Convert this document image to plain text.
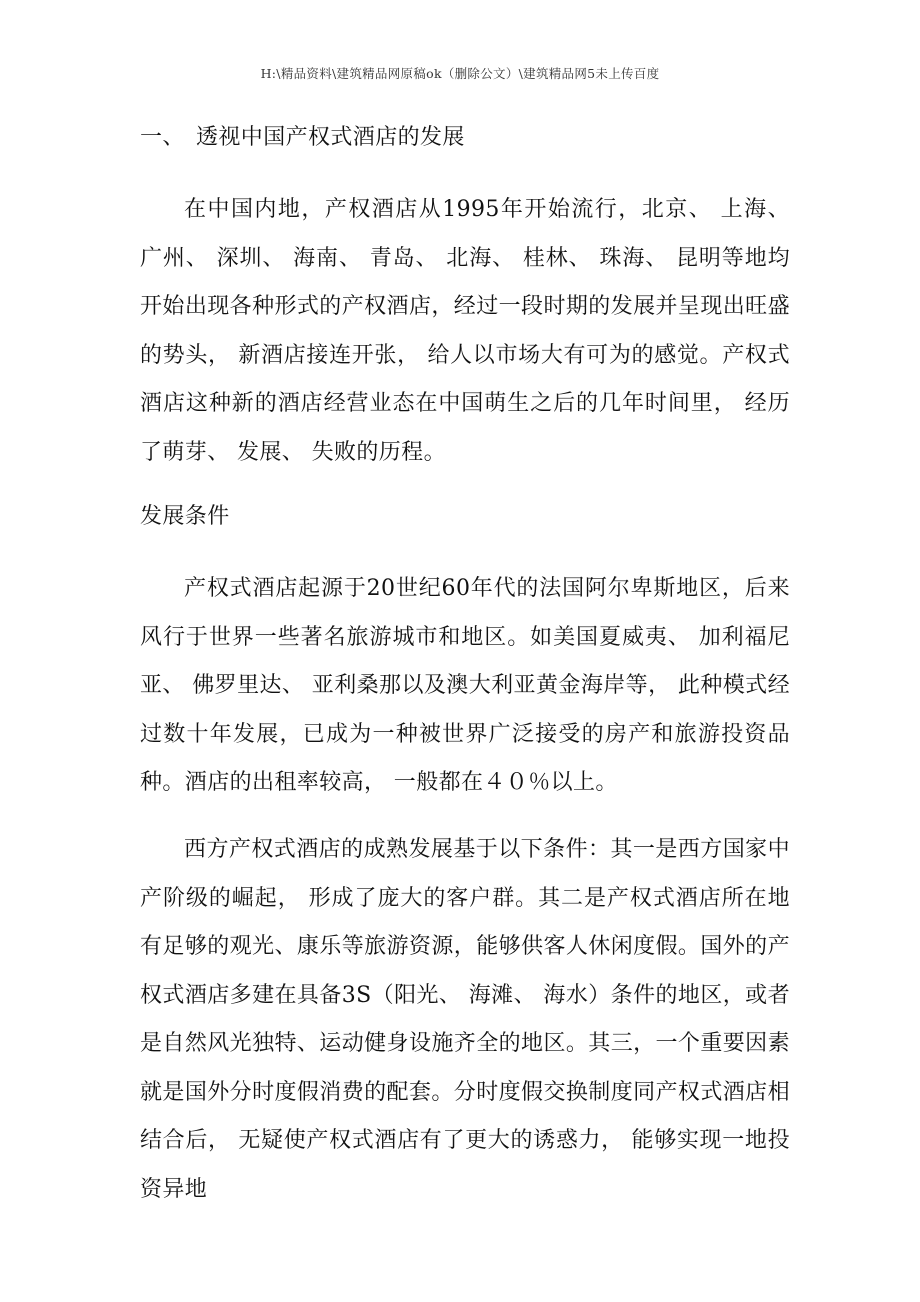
H:\精品资料\建筑精品网原稿ok（删除公文）\建筑精品网5未上传百度
一、 透视中国产权式酒店的发展
在中国内地，产权酒店从1995年开始流行，北京、 上海、 广州、 深圳、 海南、 青岛、 北海、 桂林、 珠海、 昆明等地均开始出现各种形式的产权酒店，经过一段时期的发展并呈现出旺盛的势头， 新酒店接连开张， 给人以市场大有可为的感觉。产权式酒店这种新的酒店经营业态在中国萌生之后的几年时间里， 经历了萌芽、 发展、 失败的历程。
发展条件
产权式酒店起源于20世纪60年代的法国阿尔卑斯地区，后来风行于世界一些著名旅游城市和地区。如美国夏威夷、 加利福尼亚、 佛罗里达、 亚利桑那以及澳大利亚黄金海岸等， 此种模式经过数十年发展，已成为一种被世界广泛接受的房产和旅游投资品种。酒店的出租率较高， 一般都在４０％以上。
西方产权式酒店的成熟发展基于以下条件：其一是西方国家中产阶级的崛起， 形成了庞大的客户群。其二是产权式酒店所在地有足够的观光、康乐等旅游资源，能够供客人休闲度假。国外的产权式酒店多建在具备3S（阳光、 海滩、 海水）条件的地区，或者是自然风光独特、运动健身设施齐全的地区。其三，一个重要因素就是国外分时度假消费的配套。分时度假交换制度同产权式酒店相结合后， 无疑使产权式酒店有了更大的诱惑力， 能够实现一地投资异地
